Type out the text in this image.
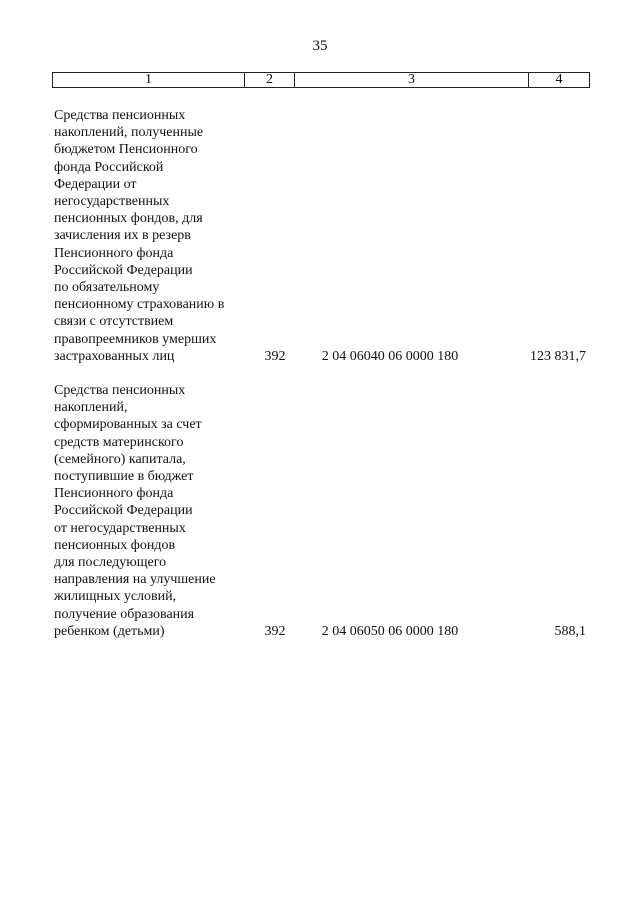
35
1	2	3	4
Средства пенсионных
накоплений, полученные
бюджетом Пенсионного
фонда Российской
Федерации от
негосударственных
пенсионных фондов, для
зачисления их в резерв
Пенсионного фонда
Российской Федерации
по обязательному
пенсионному страхованию в
связи с отсутствием
правопреемников умерших
застрахованных лиц	392	2 04 06040 06 0000 180	123 831,7
Средства пенсионных
накоплений,
сформированных за счет
средств материнского
(семейного) капитала,
поступившие в бюджет
Пенсионного фонда
Российской Федерации
от негосударственных
пенсионных фондов
для последующего
направления на улучшение
жилищных условий,
получение образования
ребенком (детьми)	392	2 04 06050 06 0000 180	588,1
